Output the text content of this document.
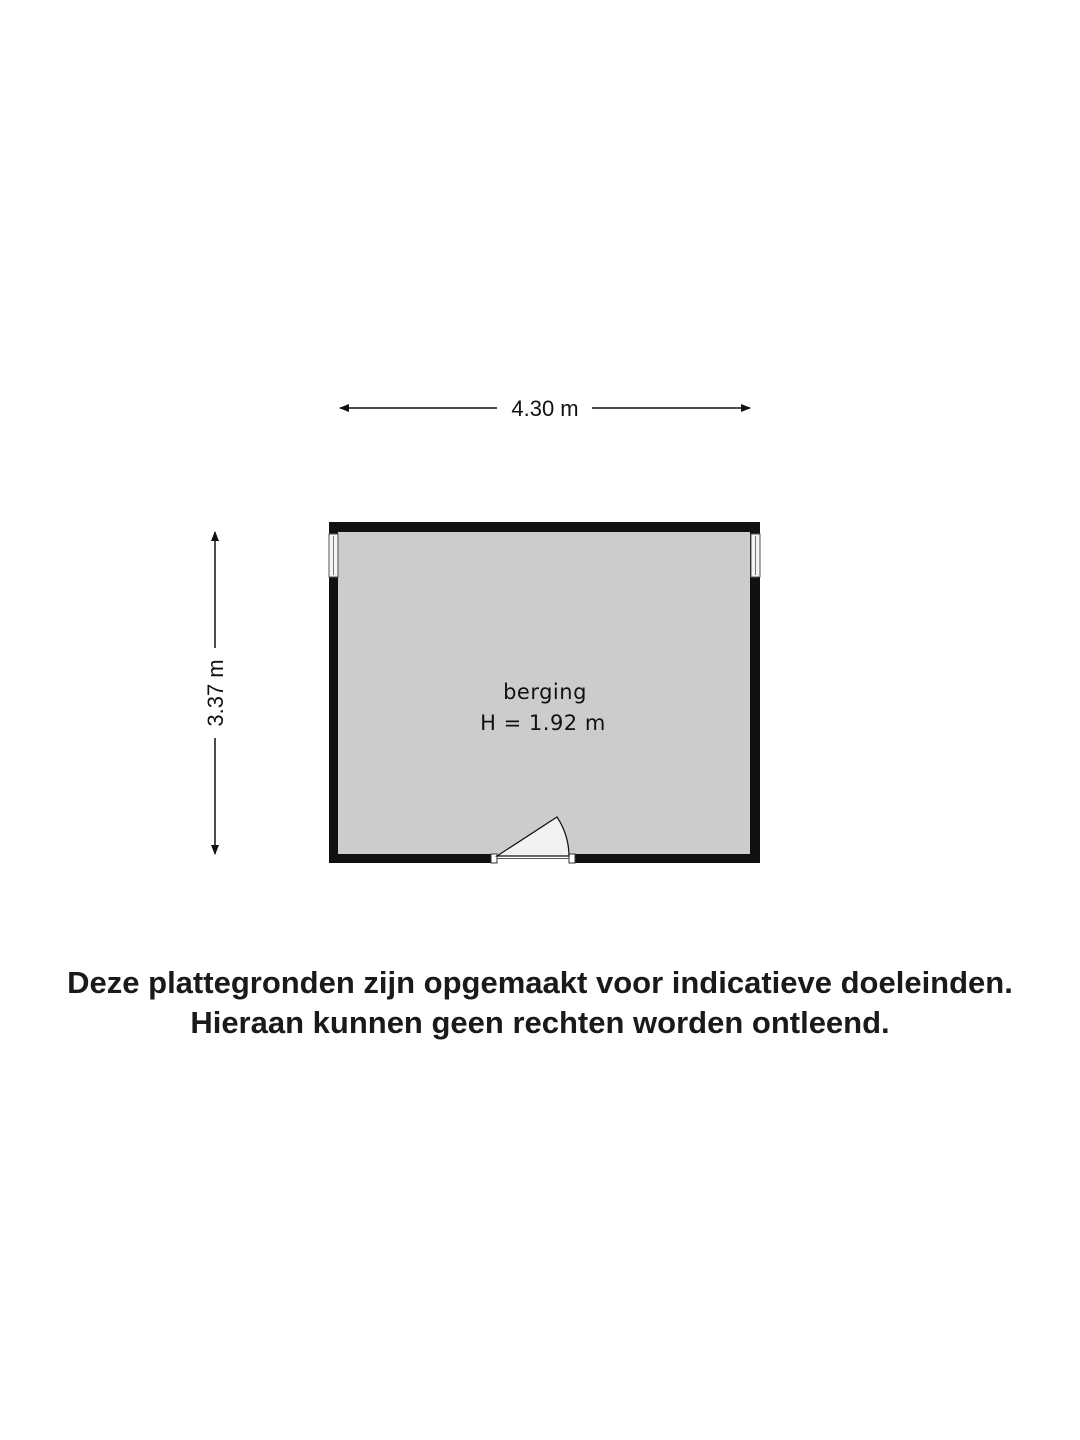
4.30 m
3.37 m	berging
H = 1.92 m
Deze plattegronden zijn opgemaakt voor indicatieve doeleinden.
Hieraan kunnen geen rechten worden ontleend.
